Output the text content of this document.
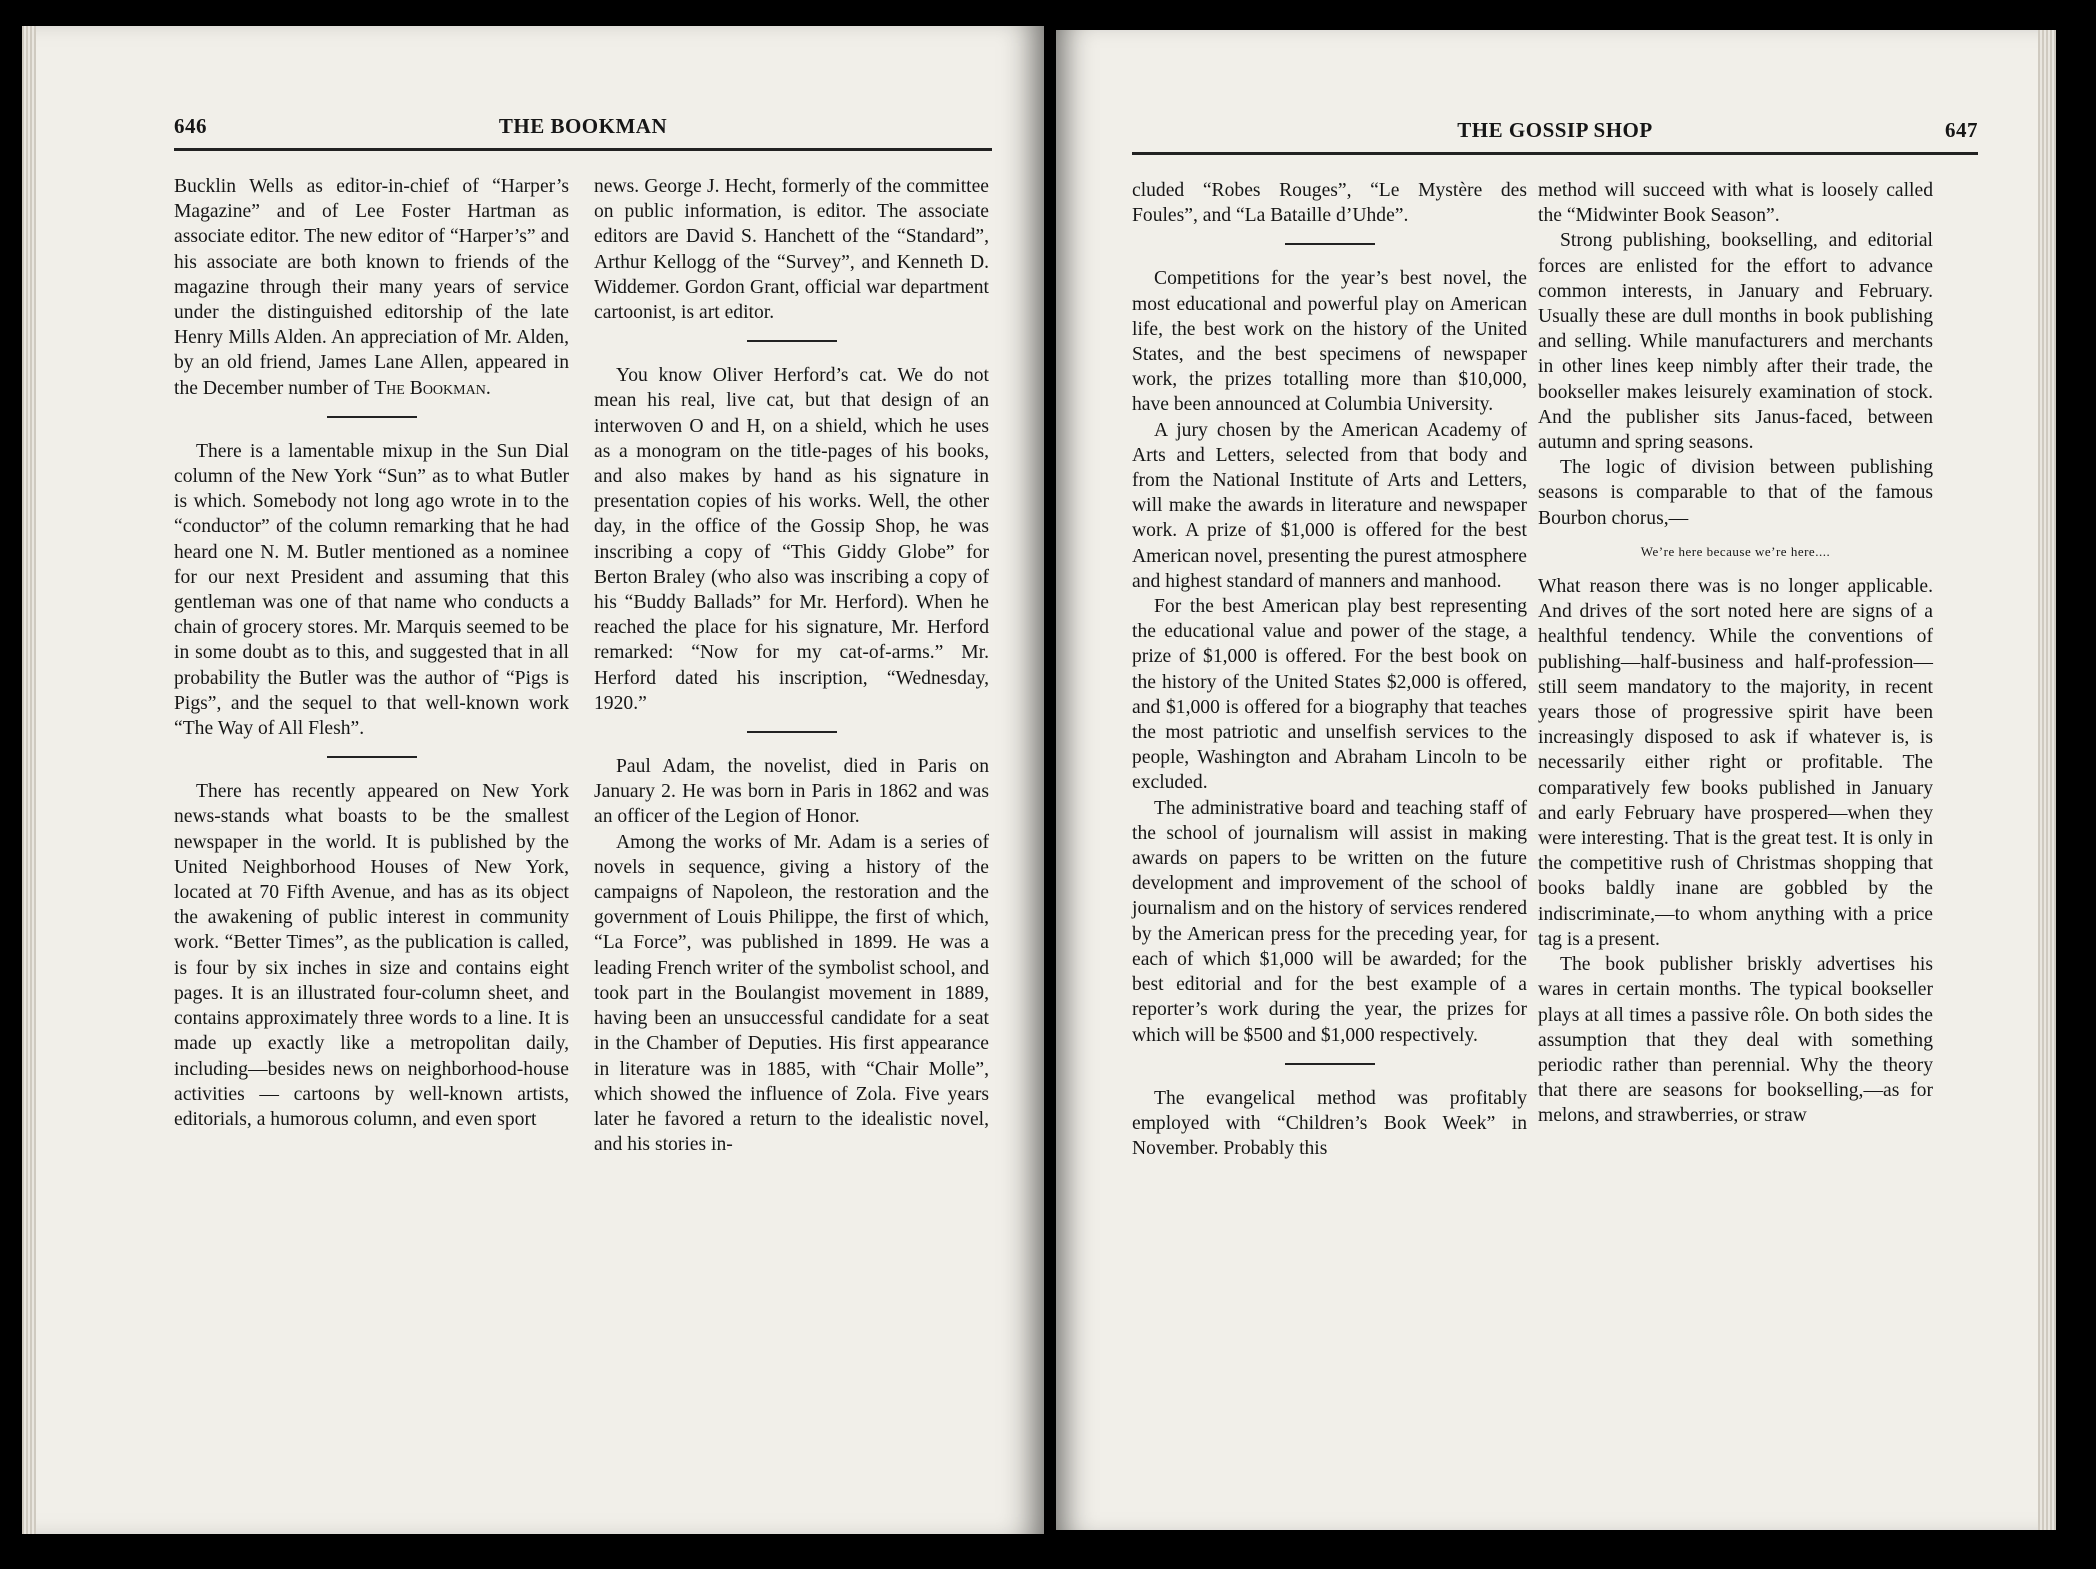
646	THE BOOKMAN

Bucklin Wells as editor-in-chief of “Harper’s Magazine” and of Lee Foster Hartman as associate editor. The new editor of “Harper’s” and his associate are both known to friends of the magazine through their many years of service under the distinguished editorship of the late Henry Mills Alden. An appreciation of Mr. Alden, by an old friend, James Lane Allen, appeared in the December number of The Bookman.

There is a lamentable mixup in the Sun Dial column of the New York “Sun” as to what Butler is which. Somebody not long ago wrote in to the “conductor” of the column remarking that he had heard one N. M. Butler mentioned as a nominee for our next President and assuming that this gentleman was one of that name who conducts a chain of grocery stores. Mr. Marquis seemed to be in some doubt as to this, and suggested that in all probability the Butler was the author of “Pigs is Pigs”, and the sequel to that well-known work “The Way of All Flesh”.

There has recently appeared on New York news-stands what boasts to be the smallest newspaper in the world. It is published by the United Neighborhood Houses of New York, located at 70 Fifth Avenue, and has as its object the awakening of public interest in community work. “Better Times”, as the publication is called, is four by six inches in size and contains eight pages. It is an illustrated four-column sheet, and contains approximately three words to a line. It is made up exactly like a metropolitan daily, including—besides news on neighborhood-house activities — cartoons by well-known artists, editorials, a humorous column, and even sport

news. George J. Hecht, formerly of the committee on public information, is editor. The associate editors are David S. Hanchett of the “Standard”, Arthur Kellogg of the “Survey”, and Kenneth D. Widdemer. Gordon Grant, official war department cartoonist, is art editor.

You know Oliver Herford’s cat. We do not mean his real, live cat, but that design of an interwoven O and H, on a shield, which he uses as a monogram on the title-pages of his books, and also makes by hand as his signature in presentation copies of his works. Well, the other day, in the office of the Gossip Shop, he was inscribing a copy of “This Giddy Globe” for Berton Braley (who also was inscribing a copy of his “Buddy Ballads” for Mr. Herford). When he reached the place for his signature, Mr. Herford remarked: “Now for my cat-of-arms.” Mr. Herford dated his inscription, “Wednesday, 1920.”

Paul Adam, the novelist, died in Paris on January 2. He was born in Paris in 1862 and was an officer of the Legion of Honor.

Among the works of Mr. Adam is a series of novels in sequence, giving a history of the campaigns of Napoleon, the restoration and the government of Louis Philippe, the first of which, “La Force”, was published in 1899. He was a leading French writer of the symbolist school, and took part in the Boulangist movement in 1889, having been an unsuccessful candidate for a seat in the Chamber of Deputies. His first appearance in literature was in 1885, with “Chair Molle”, which showed the influence of Zola. Five years later he favored a return to the idealistic novel, and his stories in-

THE GOSSIP SHOP	647

cluded “Robes Rouges”, “Le Mystère des Foules”, and “La Bataille d’Uhde”.

Competitions for the year’s best novel, the most educational and powerful play on American life, the best work on the history of the United States, and the best specimens of newspaper work, the prizes totalling more than $10,000, have been announced at Columbia University.

A jury chosen by the American Academy of Arts and Letters, selected from that body and from the National Institute of Arts and Letters, will make the awards in literature and newspaper work. A prize of $1,000 is offered for the best American novel, presenting the purest atmosphere and highest standard of manners and manhood.

For the best American play best representing the educational value and power of the stage, a prize of $1,000 is offered. For the best book on the history of the United States $2,000 is offered, and $1,000 is offered for a biography that teaches the most patriotic and unselfish services to the people, Washington and Abraham Lincoln to be excluded.

The administrative board and teaching staff of the school of journalism will assist in making awards on papers to be written on the future development and improvement of the school of journalism and on the history of services rendered by the American press for the preceding year, for each of which $1,000 will be awarded; for the best editorial and for the best example of a reporter’s work during the year, the prizes for which will be $500 and $1,000 respectively.

The evangelical method was profitably employed with “Children’s Book Week” in November. Probably this

method will succeed with what is loosely called the “Midwinter Book Season”.

Strong publishing, bookselling, and editorial forces are enlisted for the effort to advance common interests, in January and February. Usually these are dull months in book publishing and selling. While manufacturers and merchants in other lines keep nimbly after their trade, the bookseller makes leisurely examination of stock. And the publisher sits Janus-faced, between autumn and spring seasons.

The logic of division between publishing seasons is comparable to that of the famous Bourbon chorus,—

We’re here because we’re here....

What reason there was is no longer applicable. And drives of the sort noted here are signs of a healthful tendency. While the conventions of publishing—half-business and half-profession—still seem mandatory to the majority, in recent years those of progressive spirit have been increasingly disposed to ask if whatever is, is necessarily either right or profitable. The comparatively few books published in January and early February have prospered—when they were interesting. That is the great test. It is only in the competitive rush of Christmas shopping that books baldly inane are gobbled by the indiscriminate,—to whom anything with a price tag is a present.

The book publisher briskly advertises his wares in certain months. The typical bookseller plays at all times a passive rôle. On both sides the assumption that they deal with something periodic rather than perennial. Why the theory that there are seasons for bookselling,—as for melons, and strawberries, or straw
